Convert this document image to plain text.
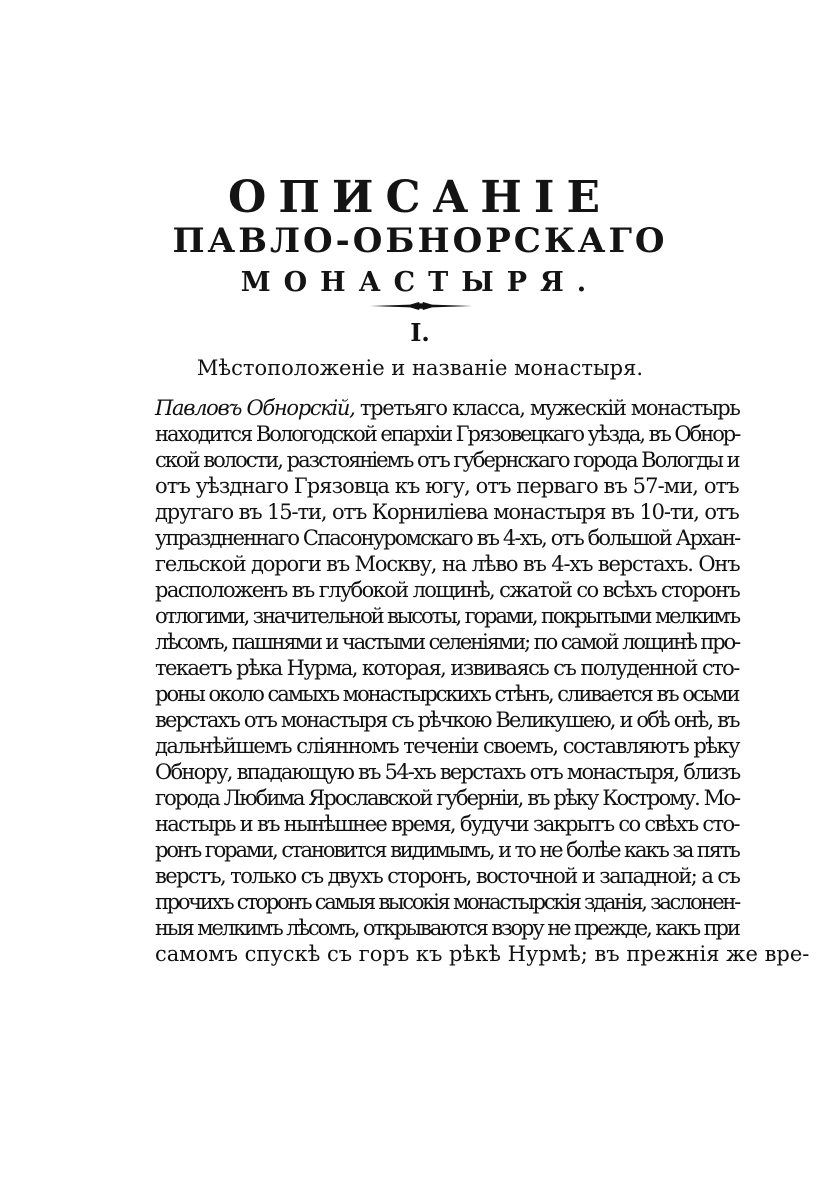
ОПИСАНІЕ
ПАВЛО-ОБНОРСКАГО
МОНАСТЫРЯ.
I.
Мѣстоположеніе и названіе монастыря.
Павловъ Обнорскій, третьяго класса, мужескій монастырь
находится Вологодской епархіи Грязовецкаго уѣзда, въ Обнор-
ской волости, разстояніемъ отъ губернскаго города Вологды и
отъ уѣзднаго Грязовца къ югу, отъ перваго въ 57-ми, отъ
другаго въ 15-ти, отъ Корниліева монастыря въ 10-ти, отъ
упраздненнаго Спасонуромскаго въ 4-хъ, отъ большой Архан-
гельской дороги въ Москву, на лѣво въ 4-хъ верстахъ. Онъ
расположенъ въ глубокой лощинѣ, сжатой со всѣхъ сторонъ
отлогими, значительной высоты, горами, покрытыми мелкимъ
лѣсомъ, пашнями и частыми селеніями; по самой лощинѣ про-
текаетъ рѣка Нурма, которая, извиваясь съ полуденной сто-
роны около самыхъ монастырскихъ стѣнъ, сливается въ осьми
верстахъ отъ монастыря съ рѣчкою Великушею, и обѣ онѣ, въ
дальнѣйшемъ сліянномъ теченіи своемъ, составляютъ рѣку
Обнору, впадающую въ 54-хъ верстахъ отъ монастыря, близъ
города Любима Ярославской губерніи, въ рѣку Кострому. Мо-
настырь и въ нынѣшнее время, будучи закрытъ со свѣхъ сто-
ронъ горами, становится видимымъ, и то не болѣе какъ за пять
верстъ, только съ двухъ сторонъ, восточной и западной; а съ
прочихъ сторонъ самыя высокія монастырскія зданія, заслонен-
ныя мелкимъ лѣсомъ, открываются взору не прежде, какъ при
самомъ спускѣ съ горъ къ рѣкѣ Нурмѣ; въ прежнія же вре-
